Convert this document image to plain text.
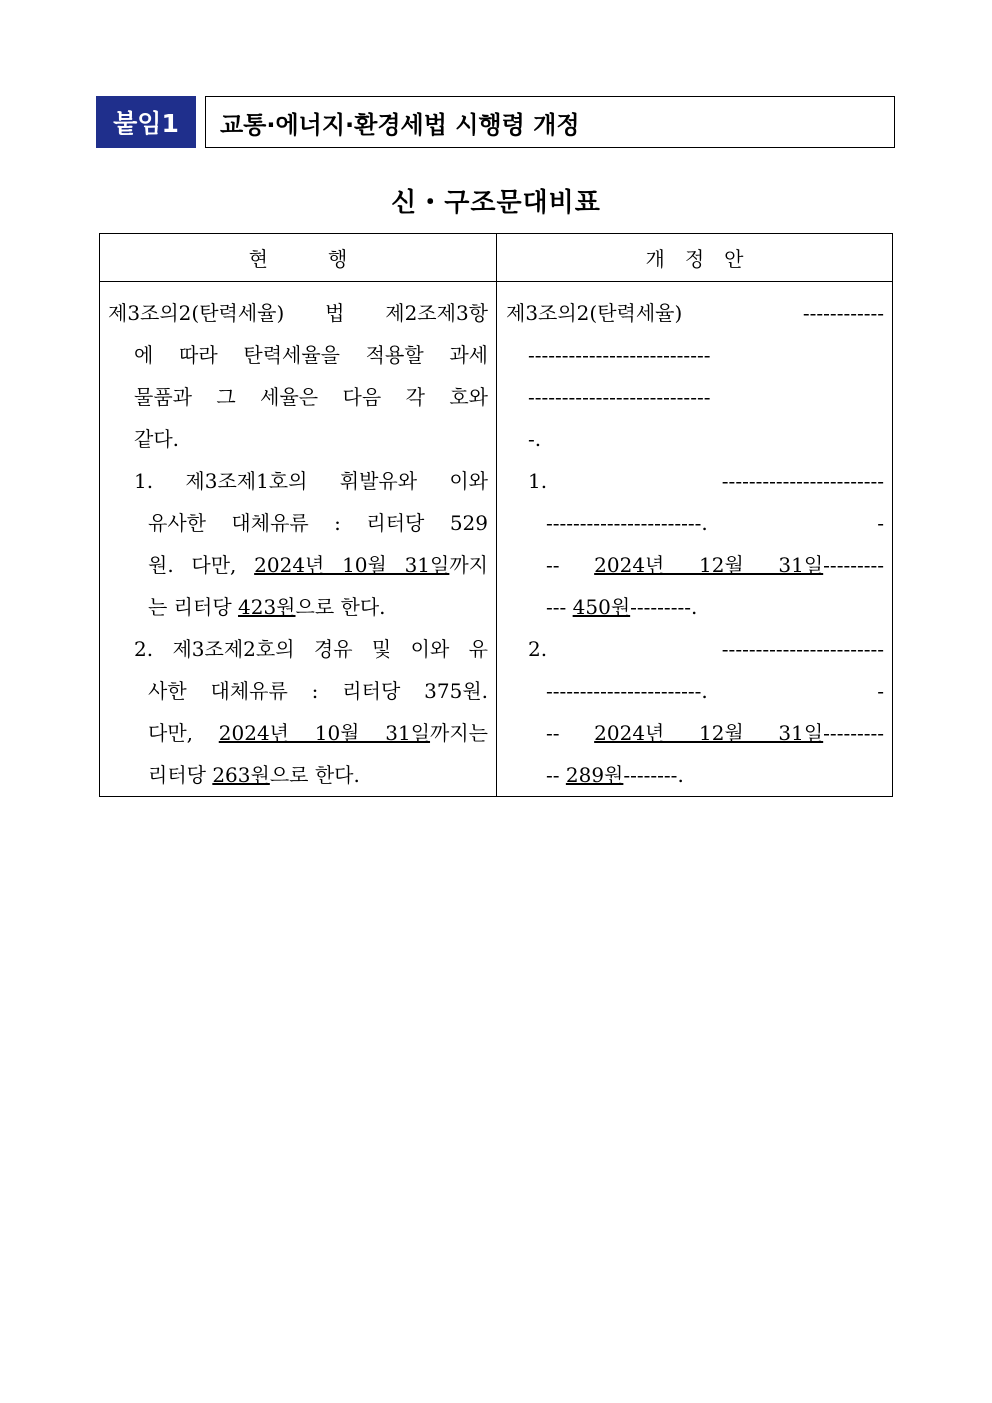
붙임1	교통·에너지·환경세법 시행령 개정
신・구조문대비표
현　　　행	개　정　안
제3조의2(탄력세율) 법 제2조제3항
에 따라 탄력세율을 적용할 과세
물품과 그 세율은 다음 각 호와
같다.
1. 제3조제1호의 휘발유와 이와
유사한 대체유류 : 리터당 529
원. 다만, 2024년 10월 31일까지
는 리터당 423원으로 한다.
2. 제3조제2호의 경유 및 이와 유
사한 대체유류 : 리터당 375원.
다만, 2024년 10월 31일까지는
리터당 263원으로 한다.
제3조의2(탄력세율) ------------
---------------------------
---------------------------
-.
1. ------------------------
-----------------------. -
-- 2024년 12월 31일---------
--- 450원---------.
2. ------------------------
-----------------------. -
-- 2024년 12월 31일---------
-- 289원--------.
